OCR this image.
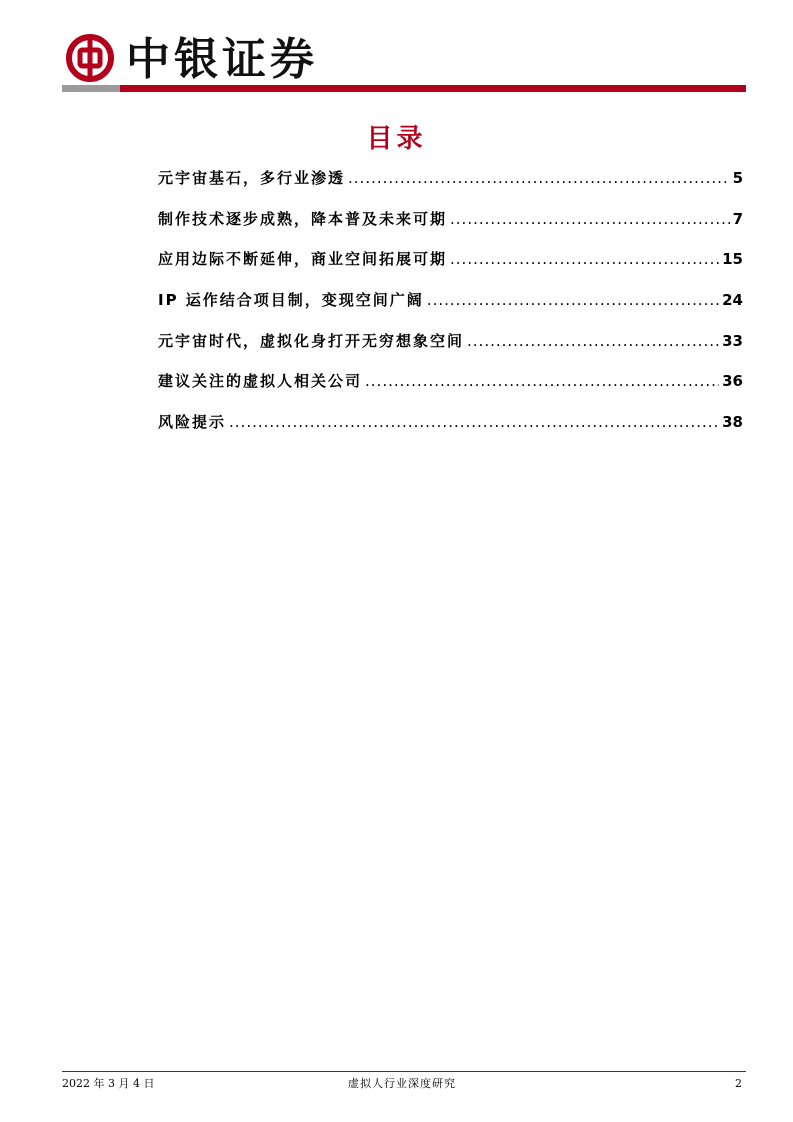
中银证券
目录
元宇宙基石，多行业渗透 .....	5
制作技术逐步成熟，降本普及未来可期 .....	7
应用边际不断延伸，商业空间拓展可期 .....	15
IP 运作结合项目制，变现空间广阔 .....	24
元宇宙时代，虚拟化身打开无穷想象空间 .....	33
建议关注的虚拟人相关公司 .....	36
风险提示 .....	38
2022 年 3 月 4 日	虚拟人行业深度研究	2
